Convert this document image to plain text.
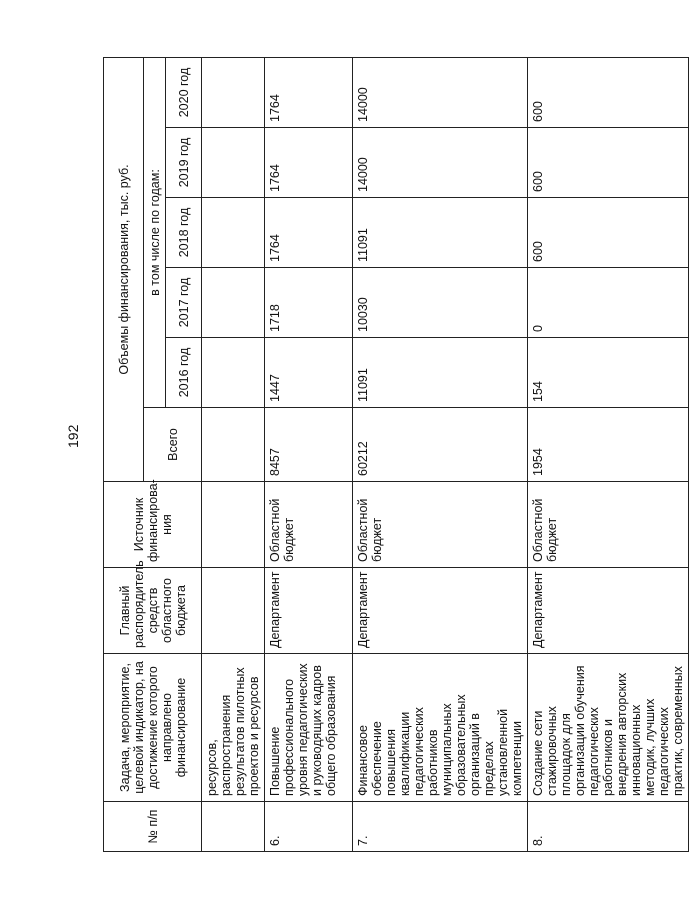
192
№ п/п	Задача, мероприятие, целевой индикатор, на достижение которого направлено финансирование	Главный распорядитель средств областного бюджета	Источник финансирова-ния	Объемы финансирования, тыс. руб.					
				Всего	в том числе по годам:				
					2016 год	2017 год	2018 год	2019 год	2020 год
	ресурсов, распространения результатов пилотных проектов и ресурсов								
6.	Повышение профессионального уровня педагогических и руководящих кадров общего образования	Департамент	Областной бюджет	8457	1447	1718	1764	1764	1764
7.	Финансовое обеспечение повышения квалификации педагогических работников муниципальных образовательных организаций в пределах установленной компетенции	Департамент	Областной бюджет	60212	11091	10030	11091	14000	14000
8.	Создание сети стажировочных площадок для организации обучения педагогических работников и внедрения авторских инновационных методик, лучших педагогических практик, современных	Департамент	Областной бюджет	1954	154	0	600	600	600
